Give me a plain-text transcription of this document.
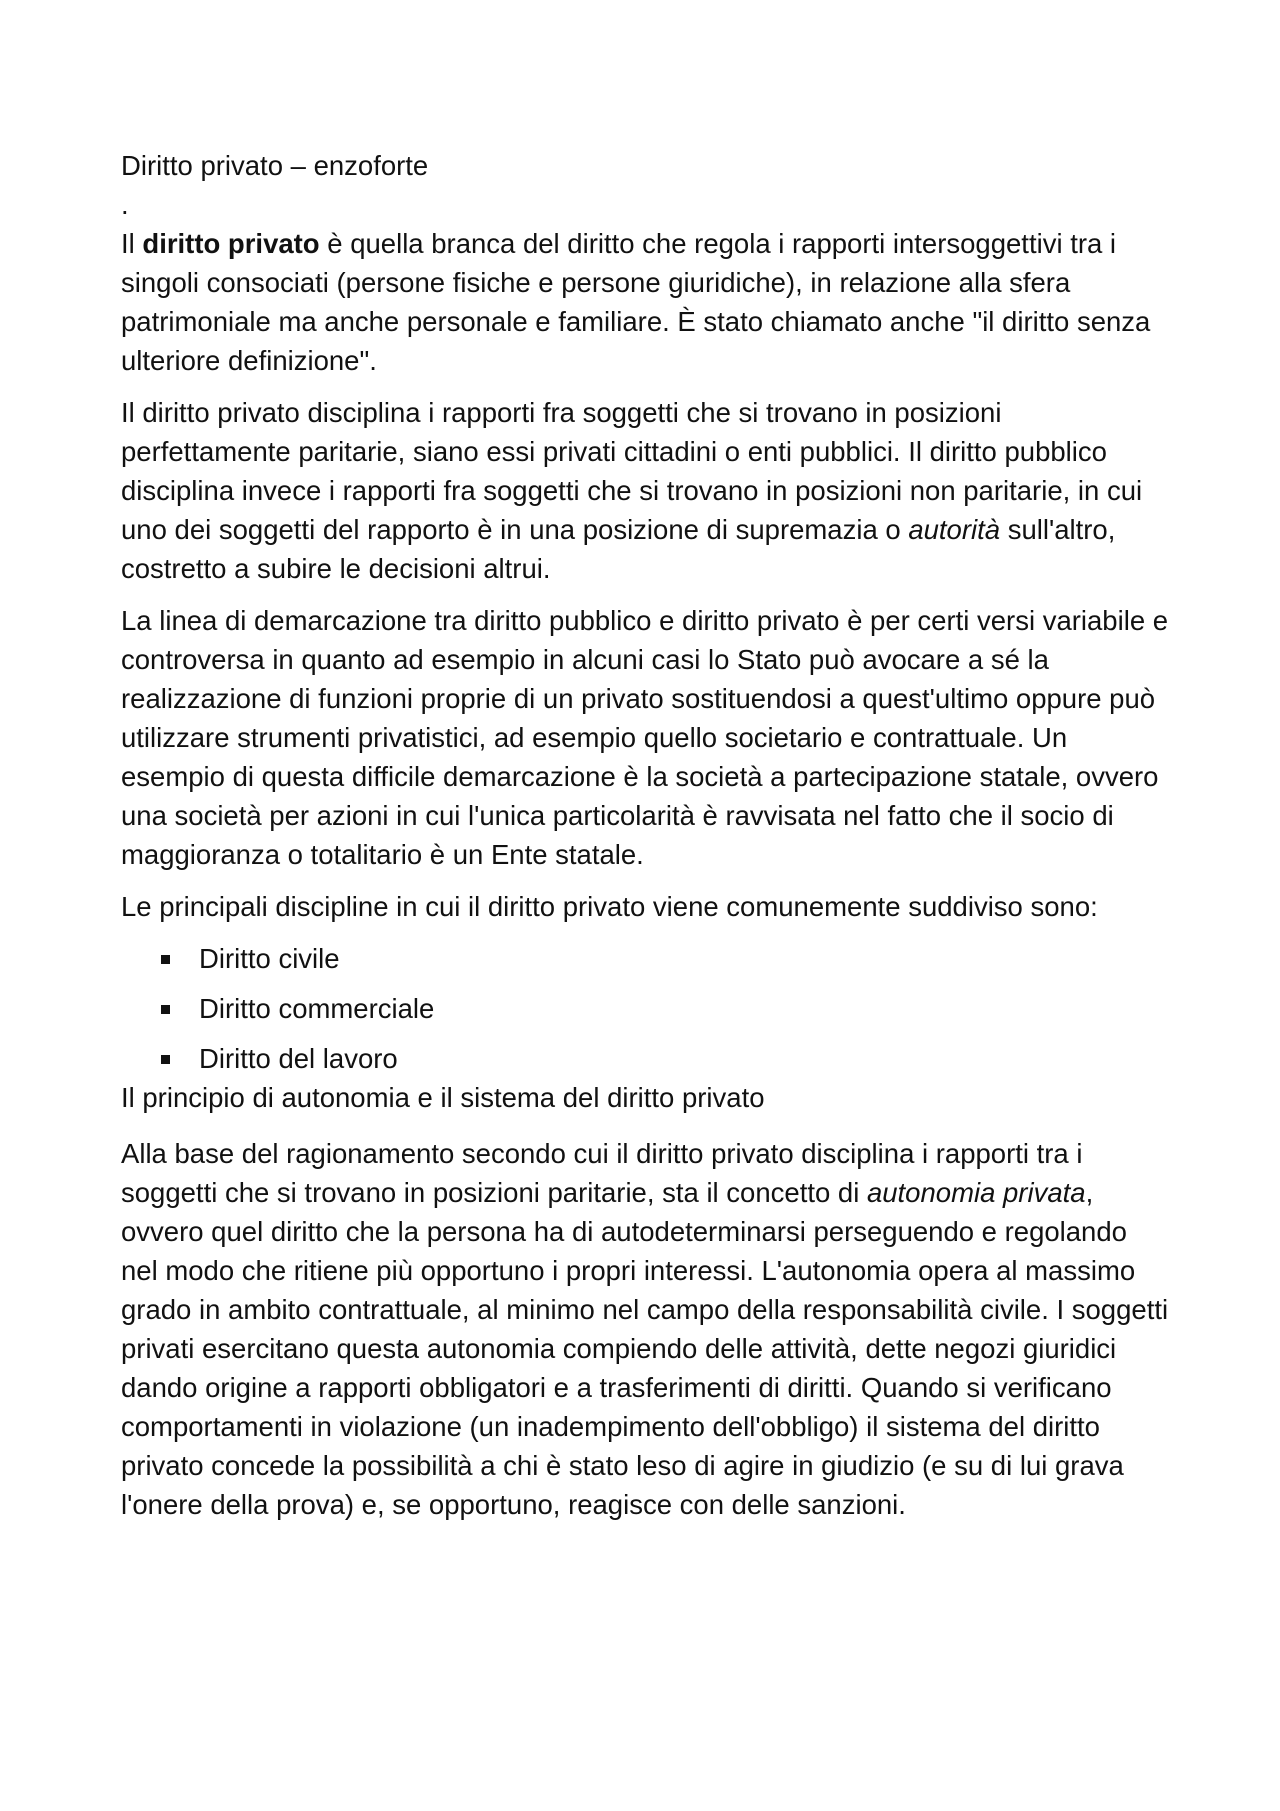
Diritto privato – enzoforte

.

Il diritto privato è quella branca del diritto che regola i rapporti intersoggettivi tra i singoli consociati (persone fisiche e persone giuridiche), in relazione alla sfera patrimoniale ma anche personale e familiare. È stato chiamato anche "il diritto senza ulteriore definizione".

Il diritto privato disciplina i rapporti fra soggetti che si trovano in posizioni perfettamente paritarie, siano essi privati cittadini o enti pubblici. Il diritto pubblico disciplina invece i rapporti fra soggetti che si trovano in posizioni non paritarie, in cui uno dei soggetti del rapporto è in una posizione di supremazia o autorità sull'altro, costretto a subire le decisioni altrui.

La linea di demarcazione tra diritto pubblico e diritto privato è per certi versi variabile e controversa in quanto ad esempio in alcuni casi lo Stato può avocare a sé la realizzazione di funzioni proprie di un privato sostituendosi a quest'ultimo oppure può utilizzare strumenti privatistici, ad esempio quello societario e contrattuale. Un esempio di questa difficile demarcazione è la società a partecipazione statale, ovvero una società per azioni in cui l'unica particolarità è ravvisata nel fatto che il socio di maggioranza o totalitario è un Ente statale.

Le principali discipline in cui il diritto privato viene comunemente suddiviso sono:

Diritto civile
Diritto commerciale
Diritto del lavoro

Il principio di autonomia e il sistema del diritto privato

Alla base del ragionamento secondo cui il diritto privato disciplina i rapporti tra i soggetti che si trovano in posizioni paritarie, sta il concetto di autonomia privata, ovvero quel diritto che la persona ha di autodeterminarsi perseguendo e regolando nel modo che ritiene più opportuno i propri interessi. L'autonomia opera al massimo grado in ambito contrattuale, al minimo nel campo della responsabilità civile. I soggetti privati esercitano questa autonomia compiendo delle attività, dette negozi giuridici dando origine a rapporti obbligatori e a trasferimenti di diritti. Quando si verificano comportamenti in violazione (un inadempimento dell'obbligo) il sistema del diritto privato concede la possibilità a chi è stato leso di agire in giudizio (e su di lui grava l'onere della prova) e, se opportuno, reagisce con delle sanzioni.
